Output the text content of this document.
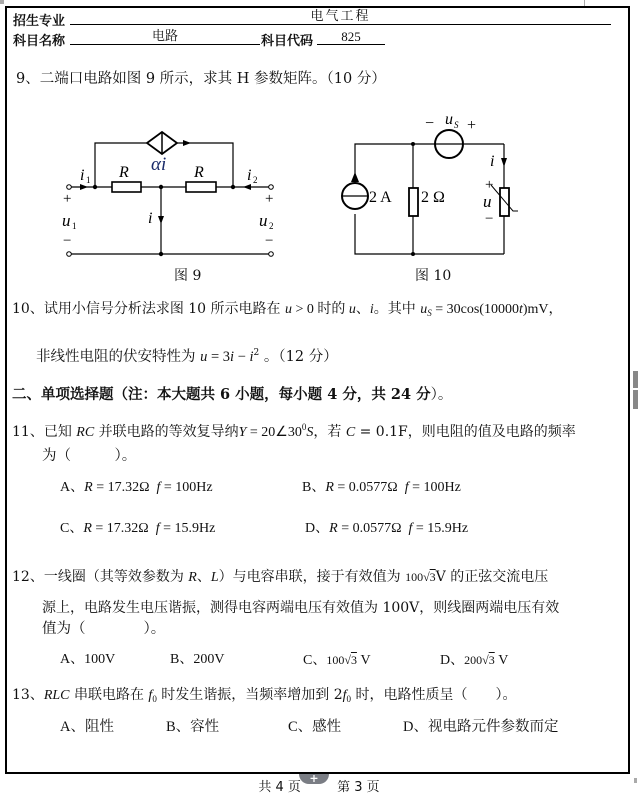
招生专业	电气工程
科目名称	电路	科目代码	825
9、二端口电路如图 9 所示，求其 H 参数矩阵。（10 分）
i 1 R	R
αi
i 2
+	+
u 1	u 2
i
−	−
图 9
− u S +
2 A 2 Ω
i
+
u
−
图 10
10、试用小信号分析法求图 10 所示电路在 u > 0 时的 u、i。其中 $u_S = 30\cos(10000t)mV$，
非线性电阻的伏安特性为 $u = 3i - i^2$ 。（12 分）
二、单项选择题（注：本大题共 6 小题，每小题 4 分，共 24 分）。
11、已知 RC 并联电路的等效复导纳$Y = 20\angle 30^0S$，若 C = 0.1F，则电阻的值及电路的频率
为（　　　）。
A、R = 17.32Ω  f = 100Hz	B、R = 0.0577Ω  f = 100Hz
C、R = 17.32Ω  f = 15.9Hz	D、R = 0.0577Ω  f = 15.9Hz
12、一线圈（其等效参数为 R、L）与电容串联，接于有效值为 100√3V 的正弦交流电压
源上，电路发生电压谐振，测得电容两端电压有效值为 100V，则线圈两端电压有效
值为（　　　　）。
A、100V	B、200V	C、100√3 V	D、200√3 V
13、RLC 串联电路在 $f_0$ 时发生谐振，当频率增加到 $2f_0$ 时，电路性质呈（　　）。
A、阻性	B、容性	C、感性	D、视电路元件参数而定
共 4 页	第 3 页
+
